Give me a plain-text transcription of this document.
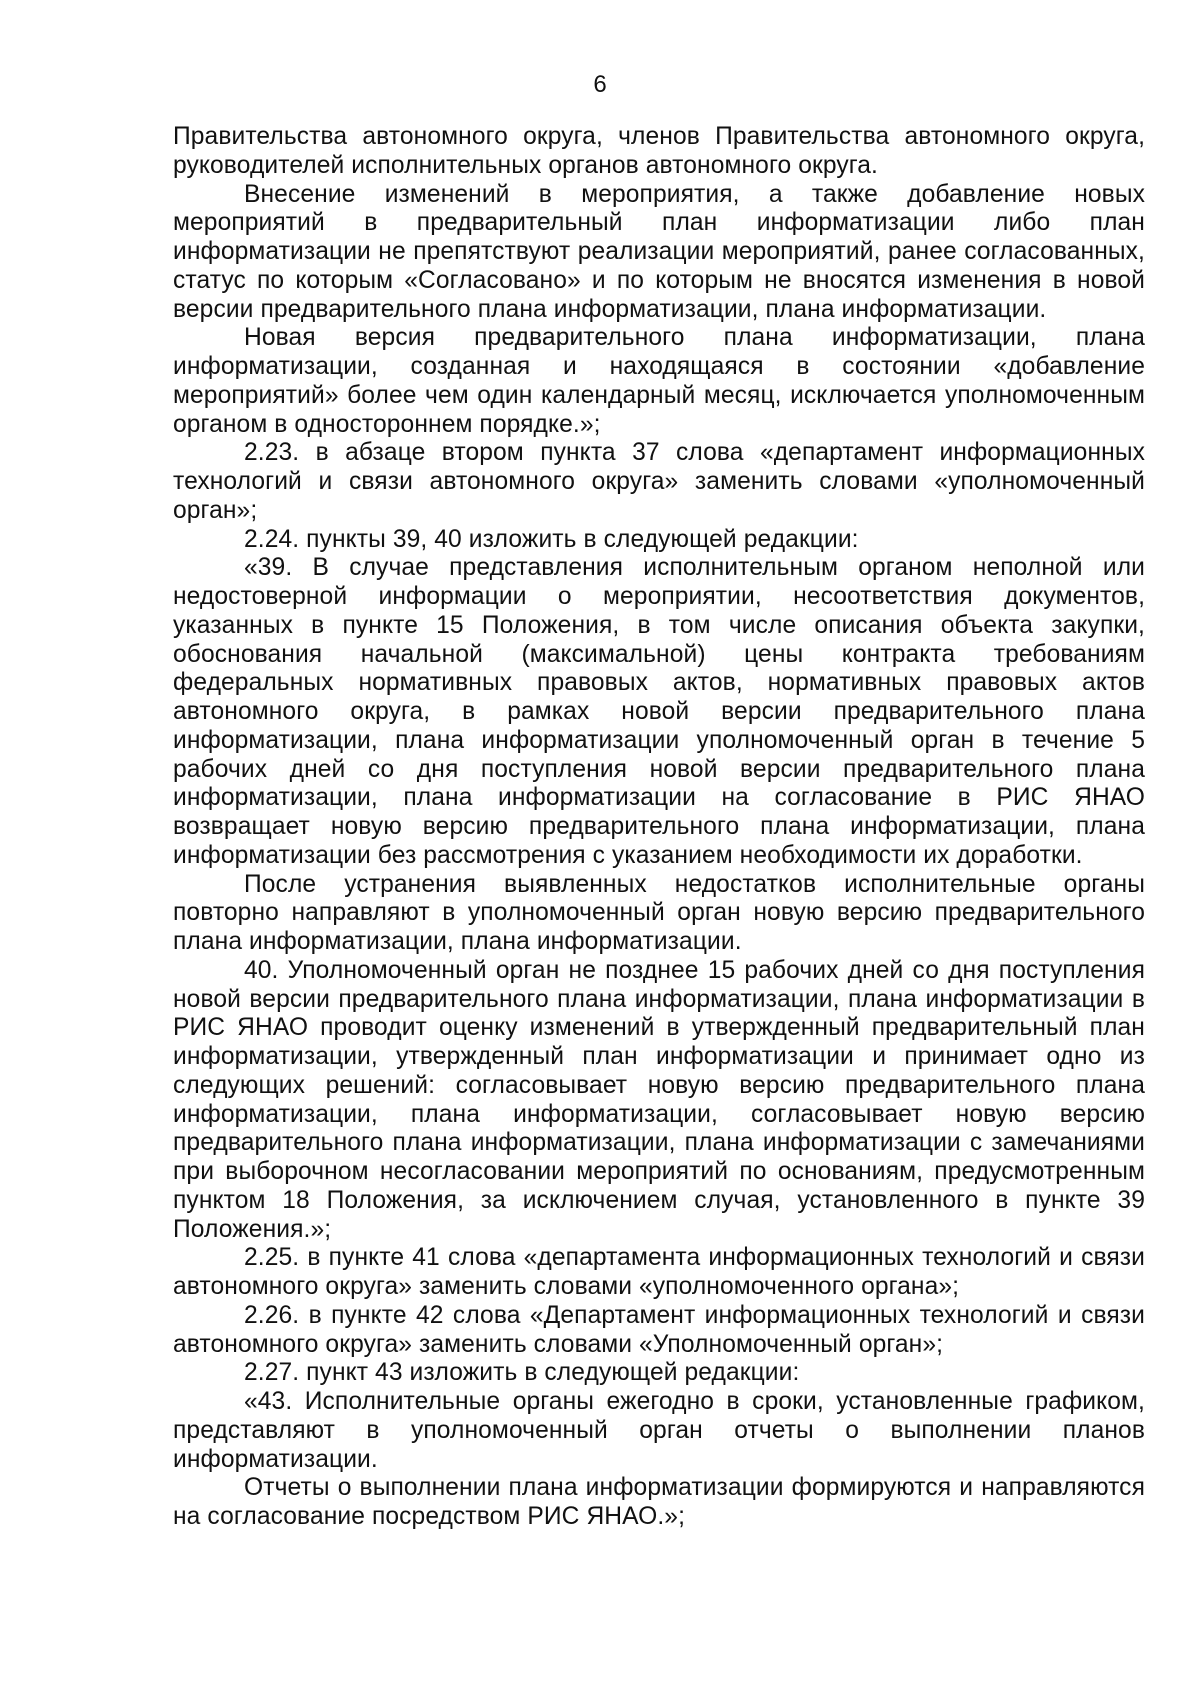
6

Правительства автономного округа, членов Правительства автономного округа, руководителей исполнительных органов автономного округа.

Внесение изменений в мероприятия, а также добавление новых мероприятий в предварительный план информатизации либо план информатизации не препятствуют реализации мероприятий, ранее согласованных, статус по которым «Согласовано» и по которым не вносятся изменения в новой версии предварительного плана информатизации, плана информатизации.

Новая версия предварительного плана информатизации, плана информатизации, созданная и находящаяся в состоянии «добавление мероприятий» более чем один календарный месяц, исключается уполномоченным органом в одностороннем порядке.»;

2.23. в абзаце втором пункта 37 слова «департамент информационных технологий и связи автономного округа» заменить словами «уполномоченный орган»;

2.24. пункты 39, 40 изложить в следующей редакции:

«39. В случае представления исполнительным органом неполной или недостоверной информации о мероприятии, несоответствия документов, указанных в пункте 15 Положения, в том числе описания объекта закупки, обоснования начальной (максимальной) цены контракта требованиям федеральных нормативных правовых актов, нормативных правовых актов автономного округа, в рамках новой версии предварительного плана информатизации, плана информатизации уполномоченный орган в течение 5 рабочих дней со дня поступления новой версии предварительного плана информатизации, плана информатизации на согласование в РИС ЯНАО возвращает новую версию предварительного плана информатизации, плана информатизации без рассмотрения с указанием необходимости их доработки.

После устранения выявленных недостатков исполнительные органы повторно направляют в уполномоченный орган новую версию предварительного плана информатизации, плана информатизации.

40. Уполномоченный орган не позднее 15 рабочих дней со дня поступления новой версии предварительного плана информатизации, плана информатизации в РИС ЯНАО проводит оценку изменений в утвержденный предварительный план информатизации, утвержденный план информатизации и принимает одно из следующих решений: согласовывает новую версию предварительного плана информатизации, плана информатизации, согласовывает новую версию предварительного плана информатизации, плана информатизации с замечаниями при выборочном несогласовании мероприятий по основаниям, предусмотренным пунктом 18 Положения, за исключением случая, установленного в пункте 39 Положения.»;

2.25. в пункте 41 слова «департамента информационных технологий и связи автономного округа» заменить словами «уполномоченного органа»;

2.26. в пункте 42 слова «Департамент информационных технологий и связи автономного округа» заменить словами «Уполномоченный орган»;

2.27. пункт 43 изложить в следующей редакции:

«43. Исполнительные органы ежегодно в сроки, установленные графиком, представляют в уполномоченный орган отчеты о выполнении планов информатизации.

Отчеты о выполнении плана информатизации формируются и направляются на согласование посредством РИС ЯНАО.»;
